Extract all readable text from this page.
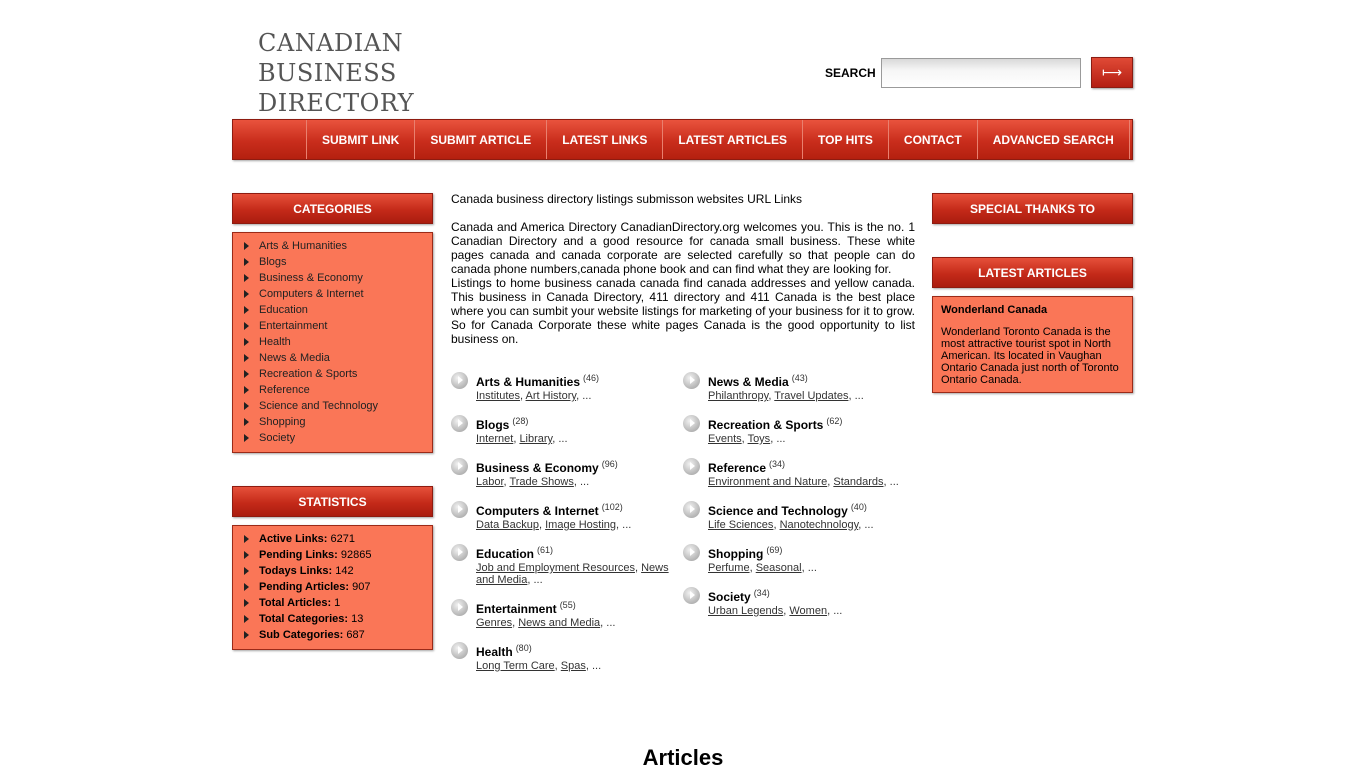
CANADIAN
BUSINESS
DIRECTORY
SEARCH	⟼
SUBMIT LINK	SUBMIT ARTICLE	LATEST LINKS	LATEST ARTICLES	TOP HITS	CONTACT	ADVANCED SEARCH
CATEGORIES
Arts & Humanities
Blogs
Business & Economy
Computers & Internet
Education
Entertainment
Health
News & Media
Recreation & Sports
Reference
Science and Technology
Shopping
Society
STATISTICS
Active Links: 6271
Pending Links: 92865
Todays Links: 142
Pending Articles: 907
Total Articles: 1
Total Categories: 13
Sub Categories: 687
Canada business directory listings submisson websites URL Links
Canada and America Directory CanadianDirectory.org welcomes you. This is the no. 1 Canadian Directory and a good resource for canada small business. These white pages canada and canada corporate are selected carefully so that people can do canada phone numbers,canada phone book and can find what they are looking for.
Listings to home business canada canada find canada addresses and yellow canada. This business in Canada Directory, 411 directory and 411 Canada is the best place where you can sumbit your website listings for marketing of your business for it to grow. So for Canada Corporate these white pages Canada is the good opportunity to list business on.
Arts & Humanities $^{(46)}$
Institutes, Art History, ...
Blogs $^{(28)}$
Internet, Library, ...
Business & Economy $^{(96)}$
Labor, Trade Shows, ...
Computers & Internet $^{(102)}$
Data Backup, Image Hosting, ...
Education $^{(61)}$
Job and Employment Resources, News and Media, ...
Entertainment $^{(55)}$
Genres, News and Media, ...
Health $^{(80)}$
Long Term Care, Spas, ...
News & Media $^{(43)}$
Philanthropy, Travel Updates, ...
Recreation & Sports $^{(62)}$
Events, Toys, ...
Reference $^{(34)}$
Environment and Nature, Standards, ...
Science and Technology $^{(40)}$
Life Sciences, Nanotechnology, ...
Shopping $^{(69)}$
Perfume, Seasonal, ...
Society $^{(34)}$
Urban Legends, Women, ...
SPECIAL THANKS TO
LATEST ARTICLES
Wonderland Canada
Wonderland Toronto Canada is the most attractive tourist spot in North American. Its located in Vaughan Ontario Canada just north of Toronto Ontario Canada.
Articles
